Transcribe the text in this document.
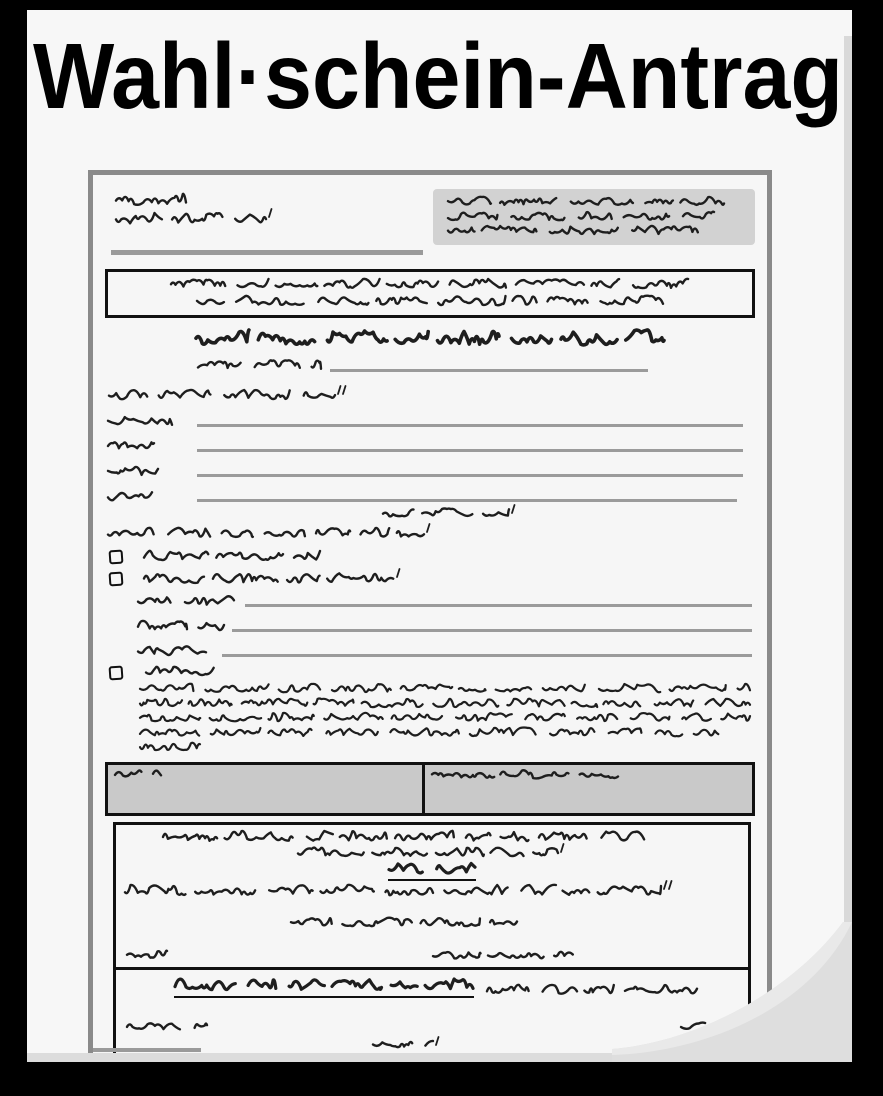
Wahl·schein-Antrag
